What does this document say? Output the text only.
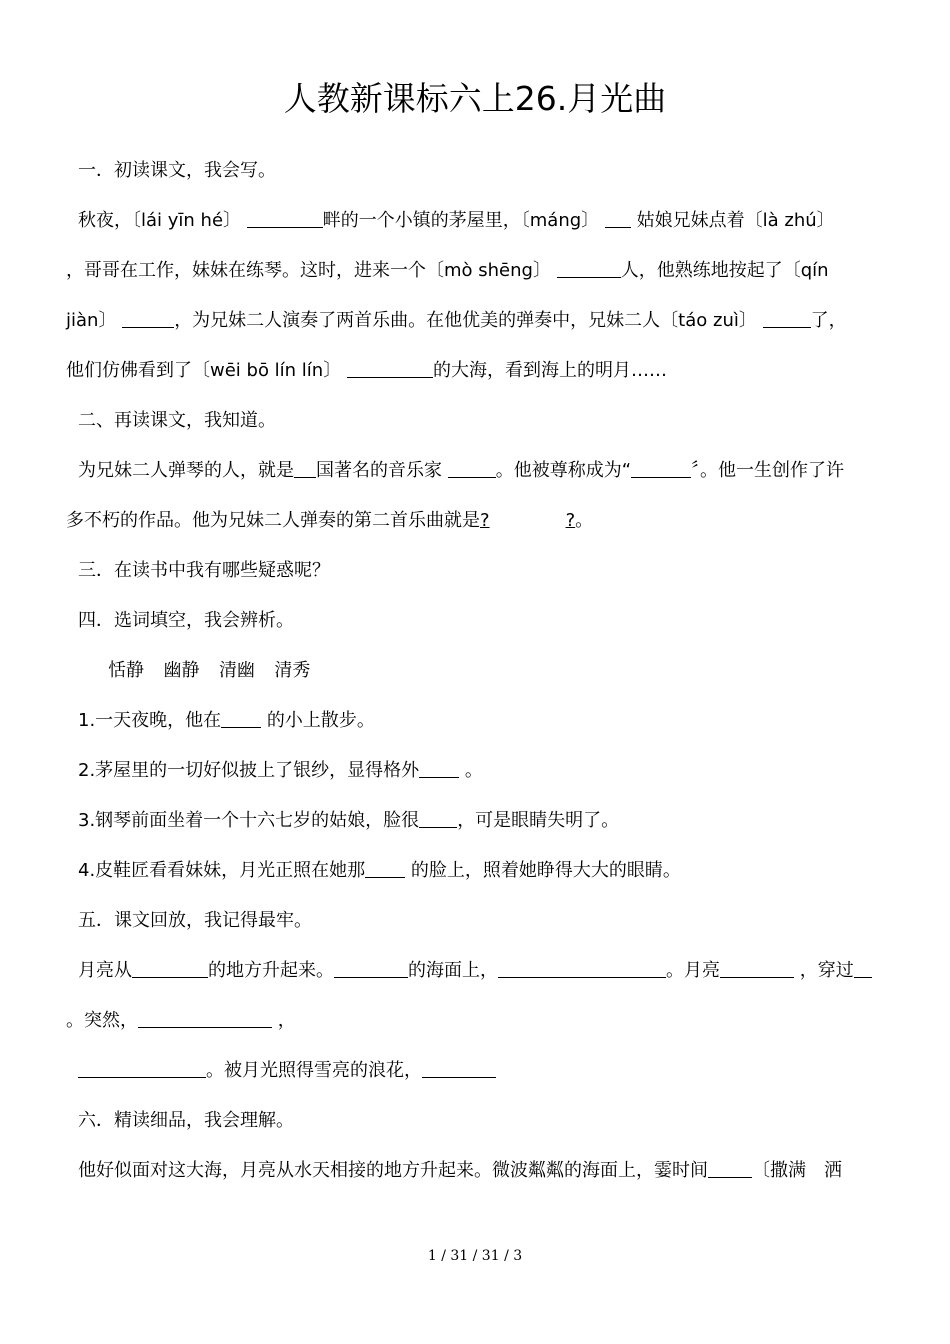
人教新课标六上26.月光曲
一．初读课文，我会写。
秋夜，〔lái yīn hé〕	畔的一个小镇的茅屋里，〔máng〕 姑娘兄妹点着〔là zhú〕
，哥哥在工作，妹妹在练琴。这时，进来一个〔mò shēng〕	人，他熟练地按起了〔qín
jiàn〕	，为兄妹二人演奏了两首乐曲。在他优美的弹奏中，兄妹二人〔táo zuì〕	了，
他们仿佛看到了〔wēi bō lín lín〕	的大海，看到海上的明月……
二、再读课文，我知道。
为兄妹二人弹琴的人，就是 国著名的音乐家	。他被尊称成为“	〞。他一生创作了许
多不朽的作品。他为兄妹二人弹奏的第二首乐曲就是?	?。
三．在读书中我有哪些疑惑呢？
四．选词填空，我会辨析。
恬静 幽静 清幽 清秀
1.一天夜晚，他在	的小上散步。
2.茅屋里的一切好似披上了银纱，显得格外	。
3.钢琴前面坐着一个十六七岁的姑娘，脸很 ，可是眼睛失明了。
4.皮鞋匠看看妹妹，月光正照在她那	的脸上，照着她睁得大大的眼睛。
五．课文回放，我记得最牢。
月亮从	的地方升起来。	的海面上，	。月亮	，穿过
。突然，	，
。被月光照得雪亮的浪花，
六．精读细品，我会理解。
他好似面对这大海，月亮从水天相接的地方升起来。微波粼粼的海面上，霎时间 〔撒满　洒
1 / 31 / 31 / 3
